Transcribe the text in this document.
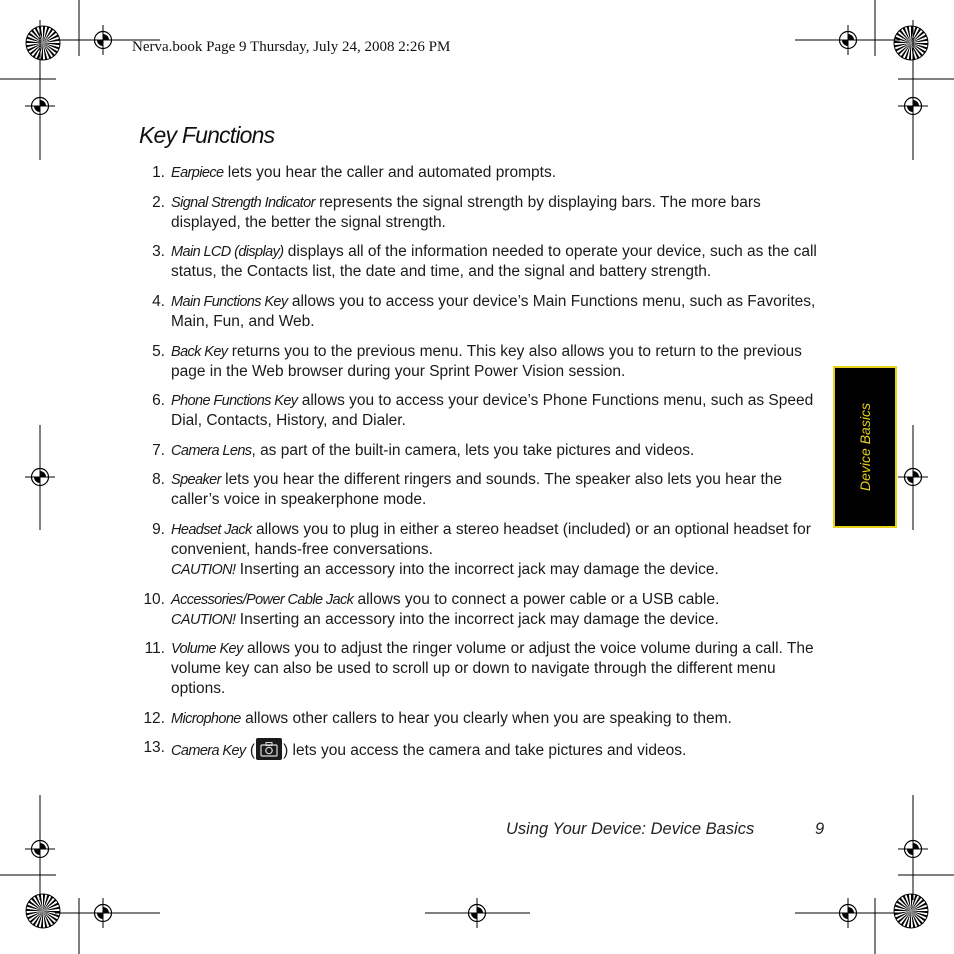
Nerva.book Page 9 Thursday, July 24, 2008 2:26 PM
Key Functions
1. Earpiece lets you hear the caller and automated prompts.
2. Signal Strength Indicator represents the signal strength by displaying bars. The more bars displayed, the better the signal strength.
3. Main LCD (display) displays all of the information needed to operate your device, such as the call status, the Contacts list, the date and time, and the signal and battery strength.
4. Main Functions Key allows you to access your device’s Main Functions menu, such as Favorites, Main, Fun, and Web.
5. Back Key returns you to the previous menu. This key also allows you to return to the previous page in the Web browser during your Sprint Power Vision session.
6. Phone Functions Key allows you to access your device’s Phone Functions menu, such as Speed Dial, Contacts, History, and Dialer.
7. Camera Lens, as part of the built-in camera, lets you take pictures and videos.
8. Speaker lets you hear the different ringers and sounds. The speaker also lets you hear the caller’s voice in speakerphone mode.
9. Headset Jack allows you to plug in either a stereo headset (included) or an optional headset for convenient, hands-free conversations.
CAUTION! Inserting an accessory into the incorrect jack may damage the device.
10. Accessories/Power Cable Jack allows you to connect a power cable or a USB cable.
CAUTION! Inserting an accessory into the incorrect jack may damage the device.
11. Volume Key allows you to adjust the ringer volume or adjust the voice volume during a call. The volume key can also be used to scroll up or down to navigate through the different menu options.
12. Microphone allows other callers to hear you clearly when you are speaking to them.
13. Camera Key ( ) lets you access the camera and take pictures and videos.
Device Basics
Using Your Device: Device Basics	9
